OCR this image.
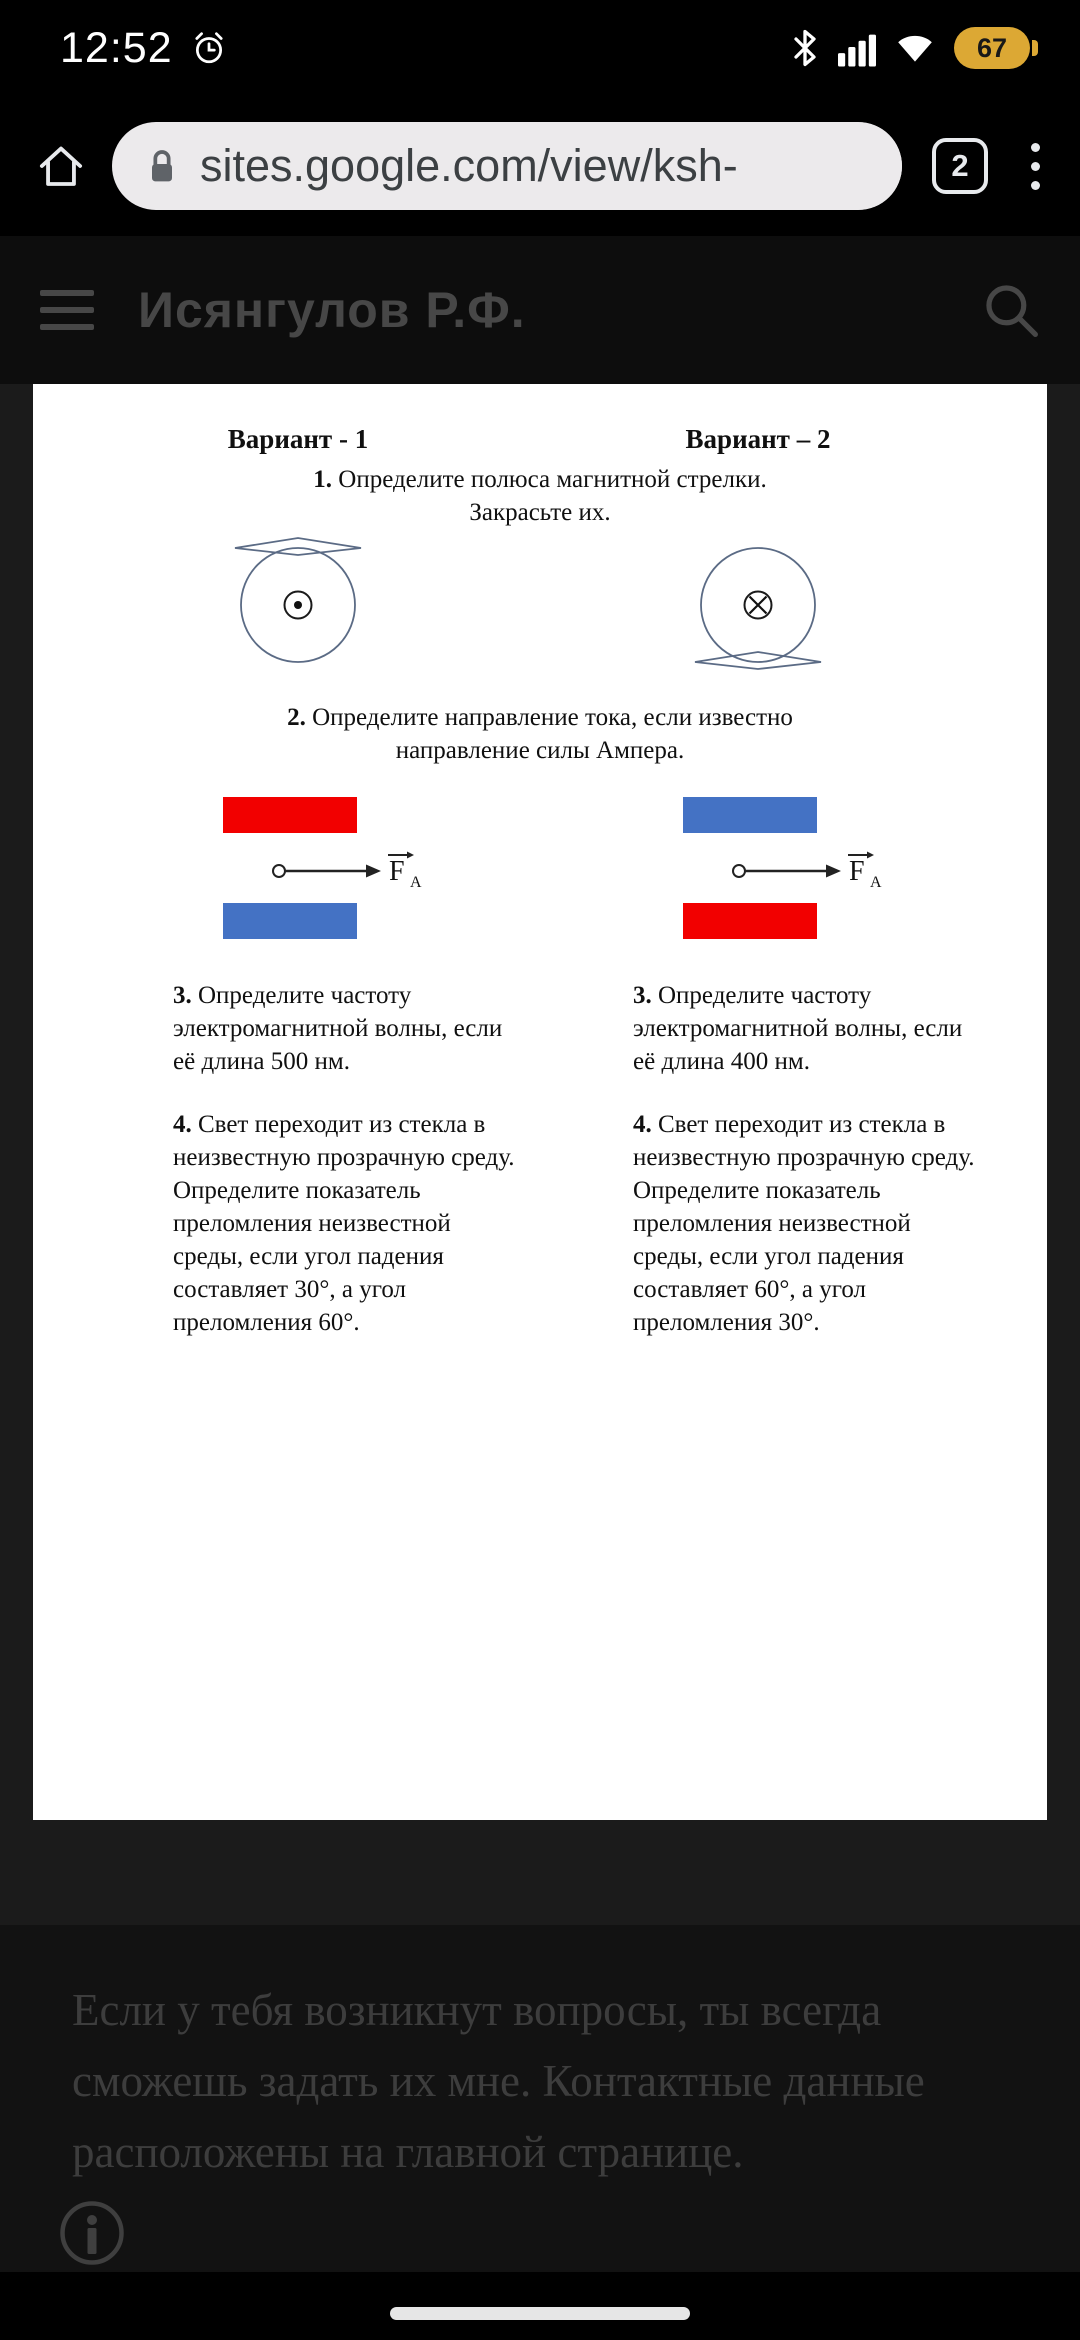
12:52	67
sites.google.com/view/ksh-	2
Исянгулов Р.Ф.
Вариант - 1	Вариант – 2
1. Определите полюса магнитной стрелки.
Закрасьте их.
2. Определите направление тока, если известно
направление силы Ампера.
F A	F A

3. Определите частоту электромагнитной волны, если её длина 500 нм.

3. Определите частоту электромагнитной волны, если её длина 400 нм.

4. Свет переходит из стекла в неизвестную прозрачную среду. Определите показатель преломления неизвестной среды, если угол падения составляет 30°, а угол преломления 60°.

4. Свет переходит из стекла в неизвестную прозрачную среду. Определите показатель преломления неизвестной среды, если угол падения составляет 60°, а угол преломления 30°.

Если у тебя возникнут вопросы, ты всегда сможешь задать их мне. Контактные данные расположены на главной странице.
